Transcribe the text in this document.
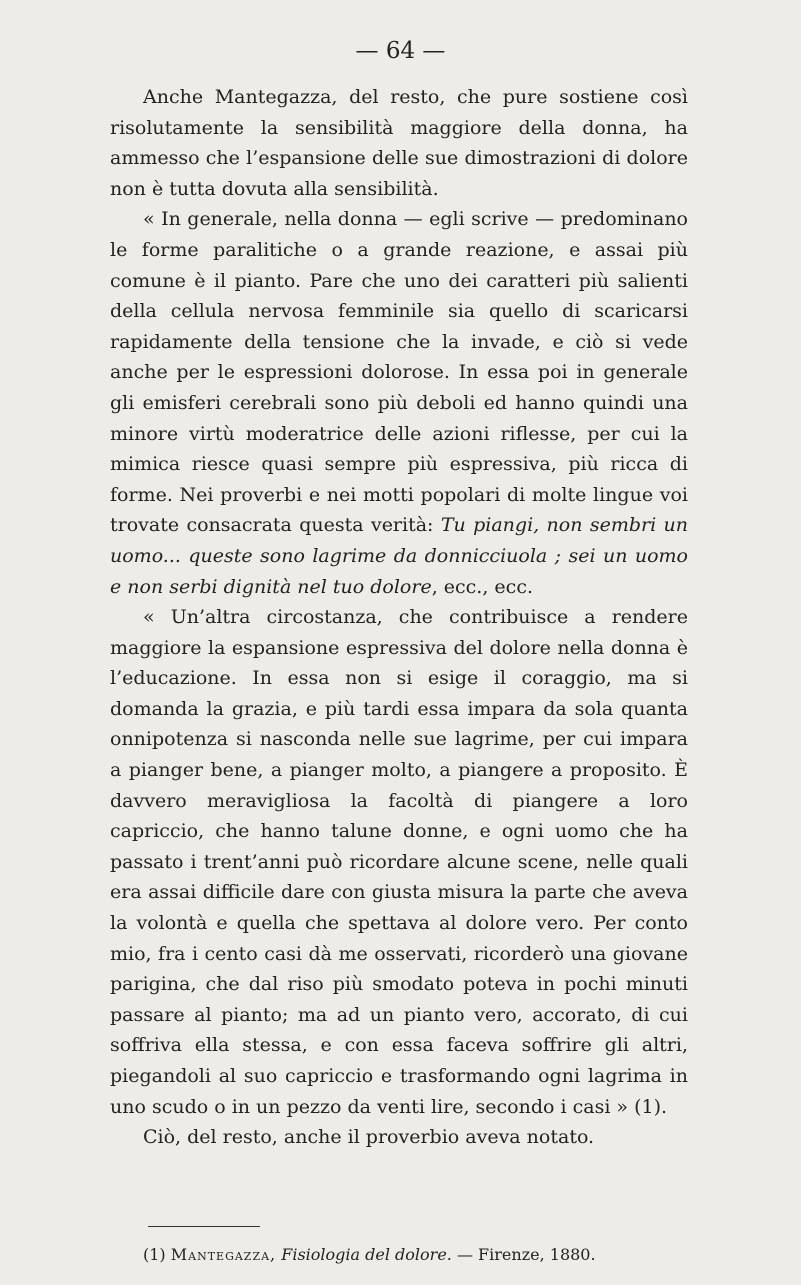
— 64 —

Anche Mantegazza, del resto, che pure sostiene così risolutamente la sensibilità maggiore della donna, ha ammesso che l’espansione delle sue dimostrazioni di dolore non è tutta dovuta alla sensibilità.

« In generale, nella donna — egli scrive — predominano le forme paralitiche o a grande reazione, e assai più comune è il pianto. Pare che uno dei caratteri più salienti della cellula nervosa femminile sia quello di scaricarsi rapidamente della tensione che la invade, e ciò si vede anche per le espressioni dolorose. In essa poi in generale gli emisferi cerebrali sono più deboli ed hanno quindi una minore virtù moderatrice delle azioni riflesse, per cui la mimica riesce quasi sempre più espressiva, più ricca di forme. Nei proverbi e nei motti popolari di molte lingue voi trovate consacrata questa verità: Tu piangi, non sembri un uomo... queste sono lagrime da donnicciuola ; sei un uomo e non serbi dignità nel tuo dolore, ecc., ecc.

« Un’altra circostanza, che contribuisce a rendere maggiore la espansione espressiva del dolore nella donna è l’educazione. In essa non si esige il coraggio, ma si domanda la grazia, e più tardi essa impara da sola quanta onnipotenza si nasconda nelle sue lagrime, per cui impara a pianger bene, a pianger molto, a piangere a proposito. È davvero meravigliosa la facoltà di piangere a loro capriccio, che hanno talune donne, e ogni uomo che ha passato i trent’anni può ricordare alcune scene, nelle quali era assai difficile dare con giusta misura la parte che aveva la volontà e quella che spettava al dolore vero. Per conto mio, fra i cento casi dà me osservati, ricorderò una giovane parigina, che dal riso più smodato poteva in pochi minuti passare al pianto; ma ad un pianto vero, accorato, di cui soffriva ella stessa, e con essa faceva soffrire gli altri, piegandoli al suo capriccio e trasformando ogni lagrima in uno scudo o in un pezzo da venti lire, secondo i casi » (1).

Ciò, del resto, anche il proverbio aveva notato.

(1) Mantegazza, Fisiologia del dolore. — Firenze, 1880.
